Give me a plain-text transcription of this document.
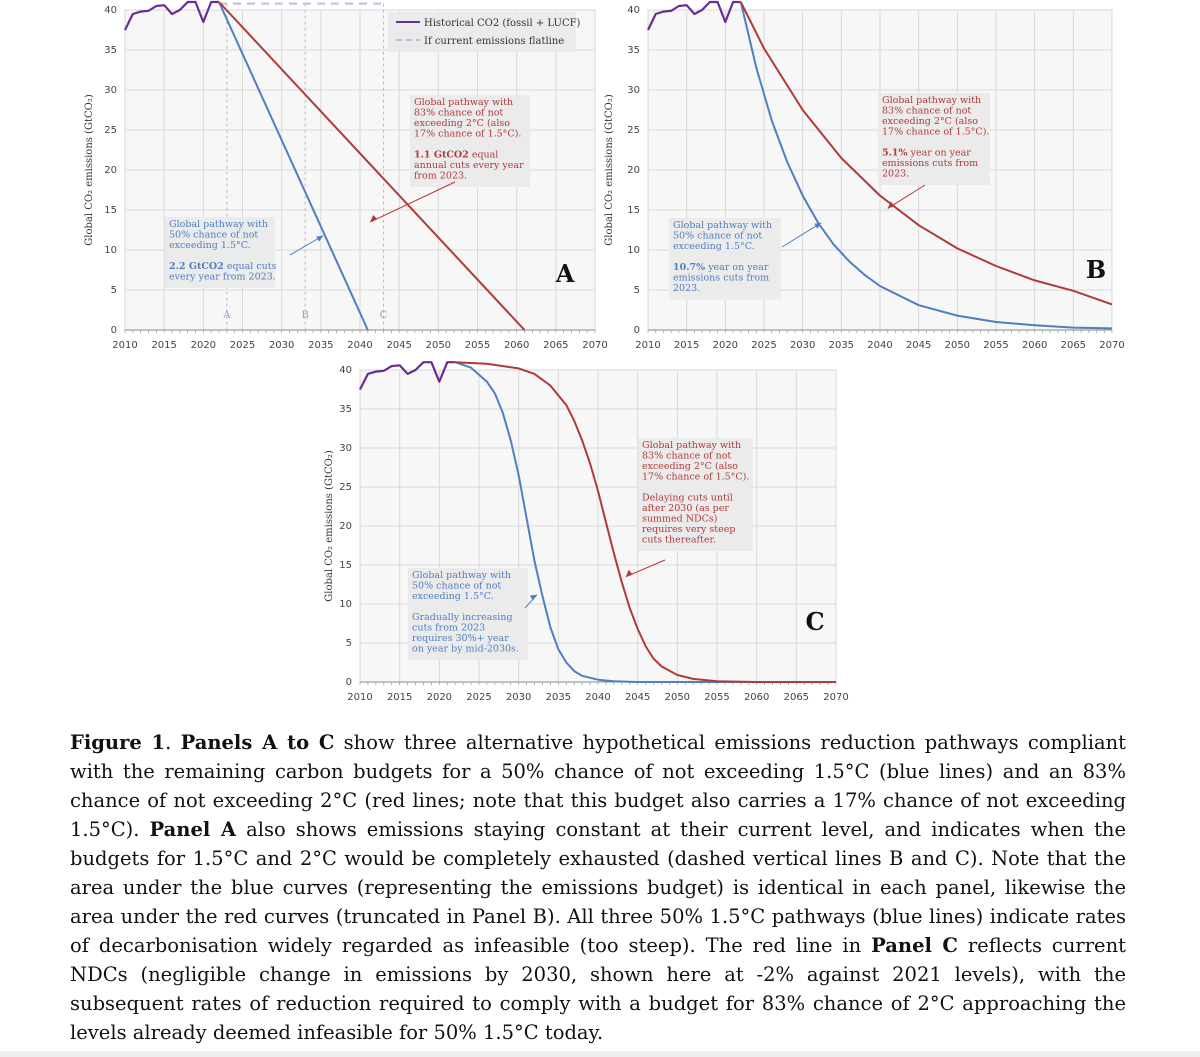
0
5
10
15
20
25
30
35
40
2010 2015 2020 2025 2030 2035 2040 2045 2050 2055 2060 2065 2070
Global CO₂ emissions (GtCO₂)
A	B	C
Global pathway with
83% chance of not
exceeding 2°C (also
17% chance of 1.5°C).
1.1 GtCO2 equal
annual cuts every year
from 2023.
Global pathway with
50% chance of not
exceeding 1.5°C.
2.2 GtCO2 equal cuts
every year from 2023.
Historical CO2 (fossil + LUCF)
If current emissions flatline
A
0
5
10
15
20
25
30
35
40
2010 2015 2020 2025 2030 2035 2040 2045 2050 2055 2060 2065 2070
Global CO₂ emissions (GtCO₂)	Global pathway with
83% chance of not
exceeding 2°C (also
17% chance of 1.5°C).
5.1% year on year
emissions cuts from
2023.
Global pathway with
50% chance of not
exceeding 1.5°C.
10.7% year on year
emissions cuts from
2023.
B
0
5
10
15
20
25
30
35
40
2010 2015 2020 2025 2030 2035 2040 2045 2050 2055 2060 2065 2070
Global CO₂ emissions (GtCO₂)
Global pathway with
83% chance of not
exceeding 2°C (also
17% chance of 1.5°C).
Delaying cuts until
after 2030 (as per
summed NDCs)
requires very steep
cuts thereafter.
Global pathway with
50% chance of not
exceeding 1.5°C.
Gradually increasing
cuts from 2023
requires 30%+ year
on year by mid-2030s.
C
Figure 1. Panels A to C show three alternative hypothetical emissions reduction pathways compliant with the remaining carbon budgets for a 50% chance of not exceeding 1.5°C (blue lines) and an 83% chance of not exceeding 2°C (red lines; note that this budget also carries a 17% chance of not exceeding 1.5°C). Panel A also shows emissions staying constant at their current level, and indicates when the budgets for 1.5°C and 2°C would be completely exhausted (dashed vertical lines B and C). Note that the area under the blue curves (representing the emissions budget) is identical in each panel, likewise the area under the red curves (truncated in Panel B). All three 50% 1.5°C pathways (blue lines) indicate rates of decarbonisation widely regarded as infeasible (too steep). The red line in Panel C reflects current NDCs (negligible change in emissions by 2030, shown here at -2% against 2021 levels), with the subsequent rates of reduction required to comply with a budget for 83% chance of 2°C approaching the levels already deemed infeasible for 50% 1.5°C today.
